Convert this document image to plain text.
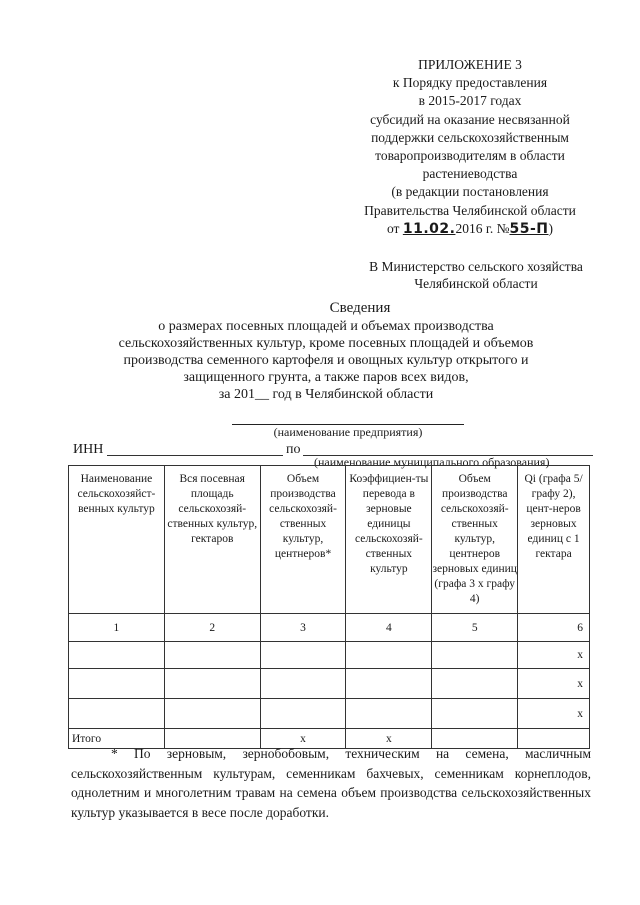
ПРИЛОЖЕНИЕ 3
к Порядку предоставления
в 2015-2017 годах
субсидий на оказание несвязанной
поддержки сельскохозяйственным
товаропроизводителям в области
растениеводства
(в редакции постановления
Правительства Челябинской области
от 11.02.2016 г. №55-П)
В Министерство сельского хозяйства
Челябинской области
Сведения
о размерах посевных площадей и объемах производства
сельскохозяйственных культур, кроме посевных площадей и объемов
производства семенного картофеля и овощных культур открытого и
защищенного грунта, а также паров всех видов,
за 201__ год в Челябинской области
(наименование предприятия)
ИНН	по
(наименование муниципального образования)
Наименование сельскохозяйст-венных культур	Вся посевная площадь сельскохозяй-ственных культур, гектаров	Объем производства сельскохозяй-ственных культур, центнеров*	Коэффициен-ты перевода в зерновые единицы сельскохозяй-ственных культур	Объем производства сельскохозяй-ственных культур, центнеров зерновых единиц (графа 3 x графу 4)	Qi (графа 5/графу 2), цент-неров зерновых единиц с 1 гектара
1	2	3	4	5	6
					x
					x
					x
Итого		x	x		

* По зерновым, зернобобовым, техническим на семена, масличным сельскохозяйственным культурам, семенникам бахчевых, семенникам корнеплодов, однолетним и многолетним травам на семена объем производства сельскохозяйственных культур указывается в весе после доработки.
